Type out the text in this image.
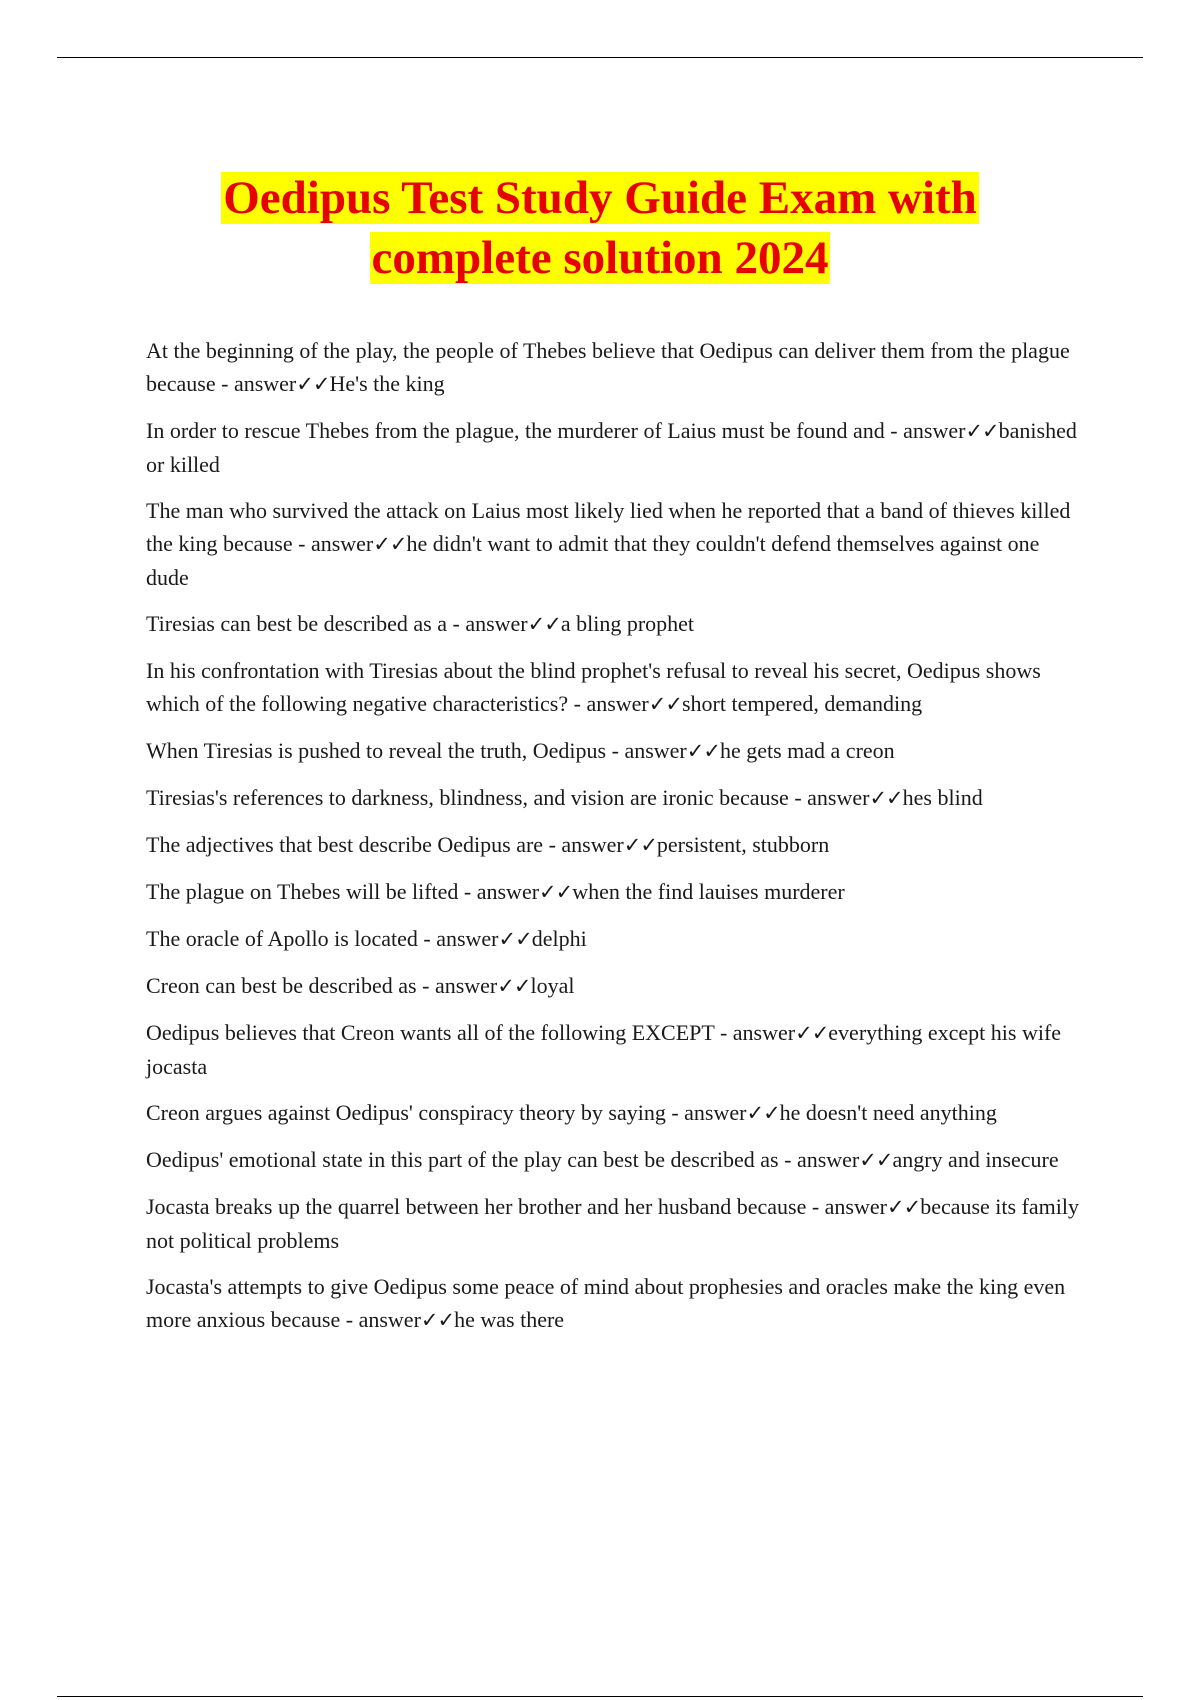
Oedipus Test Study Guide Exam with
complete solution 2024
At the beginning of the play, the people of Thebes believe that Oedipus can deliver them from the plague because - answer✓✓He's the king
In order to rescue Thebes from the plague, the murderer of Laius must be found and - answer✓✓banished or killed
The man who survived the attack on Laius most likely lied when he reported that a band of thieves killed the king because - answer✓✓he didn't want to admit that they couldn't defend themselves against one dude
Tiresias can best be described as a - answer✓✓a bling prophet
In his confrontation with Tiresias about the blind prophet's refusal to reveal his secret, Oedipus shows which of the following negative characteristics? - answer✓✓short tempered, demanding
When Tiresias is pushed to reveal the truth, Oedipus - answer✓✓he gets mad a creon
Tiresias's references to darkness, blindness, and vision are ironic because - answer✓✓hes blind
The adjectives that best describe Oedipus are - answer✓✓persistent, stubborn
The plague on Thebes will be lifted - answer✓✓when the find lauises murderer
The oracle of Apollo is located - answer✓✓delphi
Creon can best be described as - answer✓✓loyal
Oedipus believes that Creon wants all of the following EXCEPT - answer✓✓everything except his wife jocasta
Creon argues against Oedipus' conspiracy theory by saying - answer✓✓he doesn't need anything
Oedipus' emotional state in this part of the play can best be described as - answer✓✓angry and insecure
Jocasta breaks up the quarrel between her brother and her husband because - answer✓✓because its family not political problems
Jocasta's attempts to give Oedipus some peace of mind about prophesies and oracles make the king even more anxious because - answer✓✓he was there
